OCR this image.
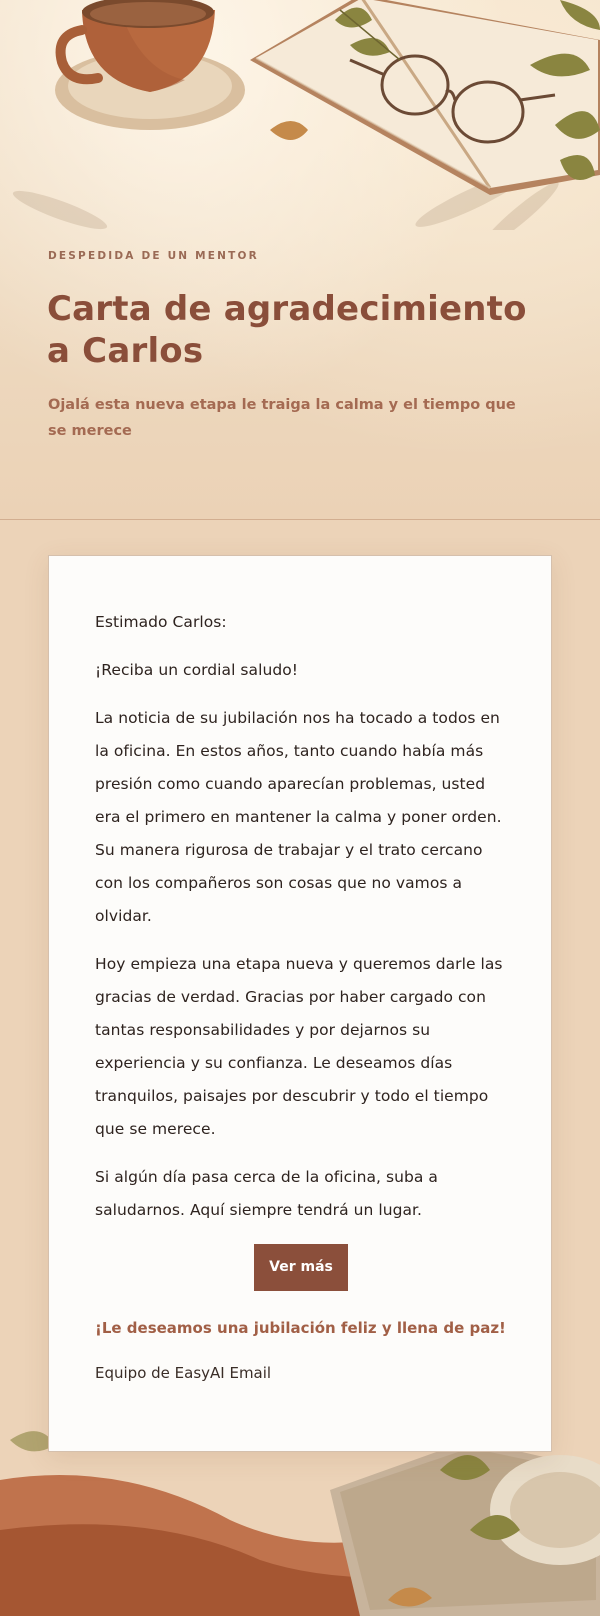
DESPEDIDA DE UN MENTOR
Carta de agradecimiento a Carlos

Ojalá esta nueva etapa le traiga la calma y el tiempo que se merece

Estimado Carlos:

¡Reciba un cordial saludo!

La noticia de su jubilación nos ha tocado a todos en la oficina. En estos años, tanto cuando había más presión como cuando aparecían problemas, usted era el primero en mantener la calma y poner orden. Su manera rigurosa de trabajar y el trato cercano con los compañeros son cosas que no vamos a olvidar.

Hoy empieza una etapa nueva y queremos darle las gracias de verdad. Gracias por haber cargado con tantas responsabilidades y por dejarnos su experiencia y su confianza. Le deseamos días tranquilos, paisajes por descubrir y todo el tiempo que se merece.

Si algún día pasa cerca de la oficina, suba a saludarnos. Aquí siempre tendrá un lugar.

Ver más
¡Le deseamos una jubilación feliz y llena de paz!
Equipo de EasyAI Email
